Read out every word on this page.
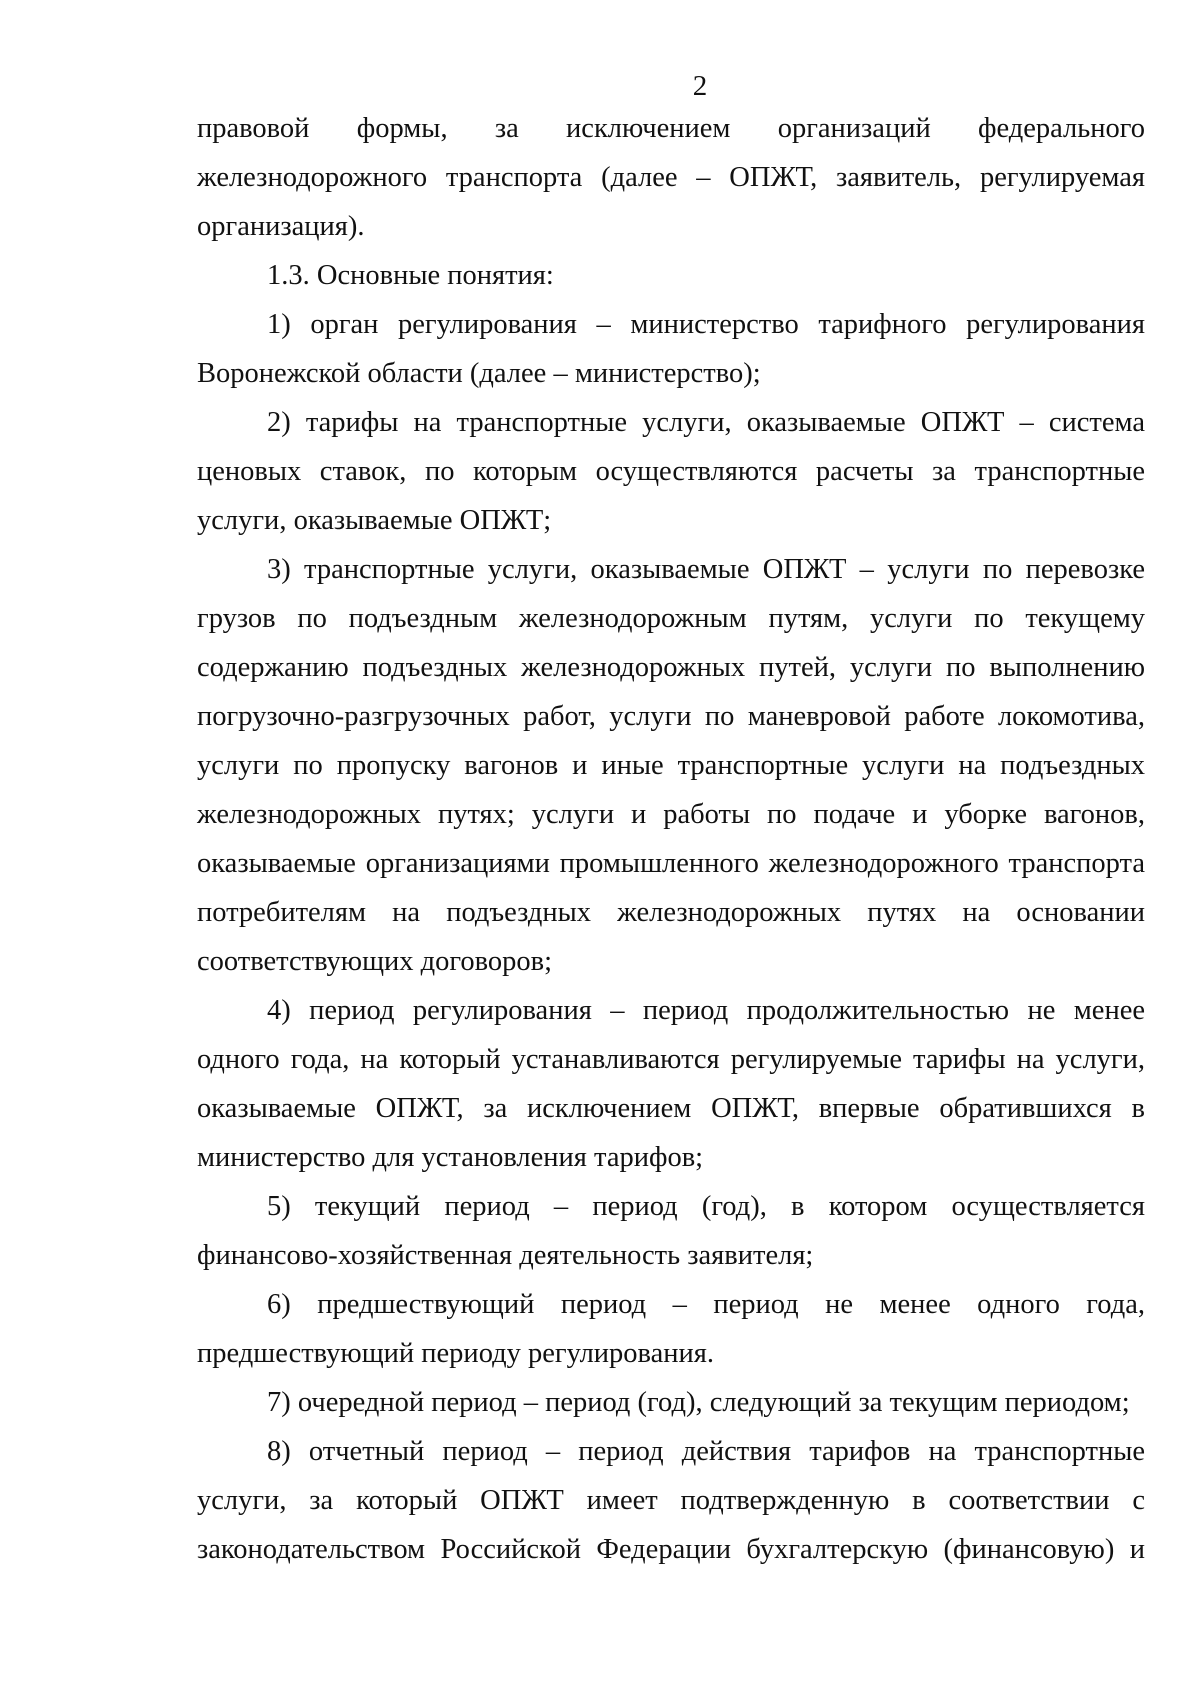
2

правовой формы, за исключением организаций федерального железнодорожного транспорта (далее – ОПЖТ, заявитель, регулируемая организация).

1.3. Основные понятия:

1) орган регулирования – министерство тарифного регулирования Воронежской области (далее – министерство);

2) тарифы на транспортные услуги, оказываемые ОПЖТ – система ценовых ставок, по которым осуществляются расчеты за транспортные услуги, оказываемые ОПЖТ;

3) транспортные услуги, оказываемые ОПЖТ – услуги по перевозке грузов по подъездным железнодорожным путям, услуги по текущему содержанию подъездных железнодорожных путей, услуги по выполнению погрузочно-разгрузочных работ, услуги по маневровой работе локомотива, услуги по пропуску вагонов и иные транспортные услуги на подъездных железнодорожных путях; услуги и работы по подаче и уборке вагонов, оказываемые организациями промышленного железнодорожного транспорта потребителям на подъездных железнодорожных путях на основании соответствующих договоров;

4) период регулирования – период продолжительностью не менее одного года, на который устанавливаются регулируемые тарифы на услуги, оказываемые ОПЖТ, за исключением ОПЖТ, впервые обратившихся в министерство для установления тарифов;

5) текущий период – период (год), в котором осуществляется финансово-хозяйственная деятельность заявителя;

6) предшествующий период – период не менее одного года, предшествующий периоду регулирования.

7) очередной период – период (год), следующий за текущим периодом;

8) отчетный период – период действия тарифов на транспортные услуги, за который ОПЖТ имеет подтвержденную в соответствии с законодательством Российской Федерации бухгалтерскую (финансовую) и
